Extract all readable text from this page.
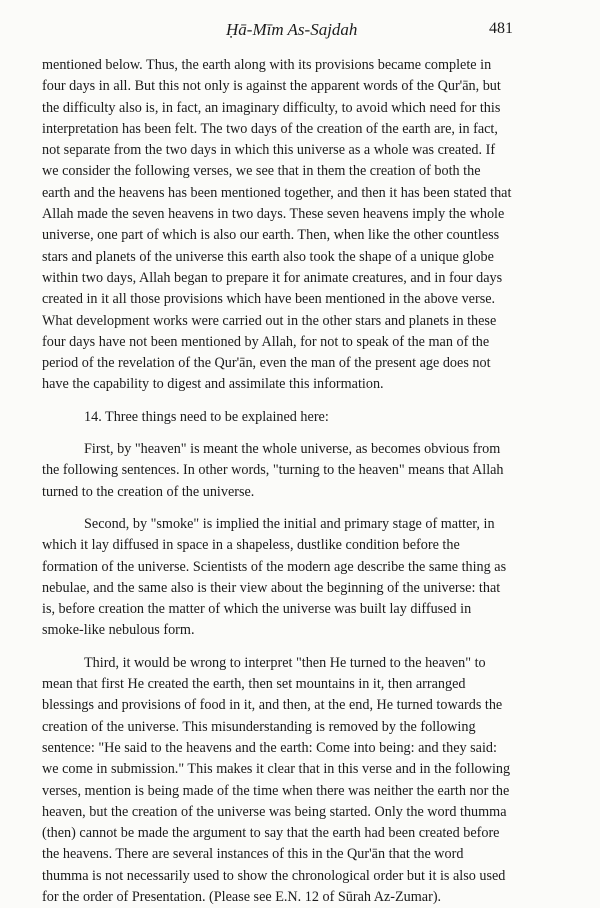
Ḥā-Mīm As-Sajdah	481
mentioned below. Thus, the earth along with its provisions became complete in
four days in all. But this not only is against the apparent words of the Qur'ān, but
the difficulty also is, in fact, an imaginary difficulty, to avoid which need for this
interpretation has been felt. The two days of the creation of the earth are, in fact,
not separate from the two days in which this universe as a whole was created. If
we consider the following verses, we see that in them the creation of both the
earth and the heavens has been mentioned together, and then it has been stated that
Allah made the seven heavens in two days. These seven heavens imply the whole
universe, one part of which is also our earth. Then, when like the other countless
stars and planets of the universe this earth also took the shape of a unique globe
within two days, Allah began to prepare it for animate creatures, and in four days
created in it all those provisions which have been mentioned in the above verse.
What development works were carried out in the other stars and planets in these
four days have not been mentioned by Allah, for not to speak of the man of the
period of the revelation of the Qur'ān, even the man of the present age does not
have the capability to digest and assimilate this information.
14. Three things need to be explained here:
First, by "heaven" is meant the whole universe, as becomes obvious from
the following sentences. In other words, "turning to the heaven" means that Allah
turned to the creation of the universe.
Second, by "smoke" is implied the initial and primary stage of matter, in
which it lay diffused in space in a shapeless, dustlike condition before the
formation of the universe. Scientists of the modern age describe the same thing as
nebulae, and the same also is their view about the beginning of the universe: that
is, before creation the matter of which the universe was built lay diffused in
smoke-like nebulous form.
Third, it would be wrong to interpret "then He turned to the heaven" to
mean that first He created the earth, then set mountains in it, then arranged
blessings and provisions of food in it, and then, at the end, He turned towards the
creation of the universe. This misunderstanding is removed by the following
sentence: "He said to the heavens and the earth: Come into being: and they said:
we come in submission." This makes it clear that in this verse and in the following
verses, mention is being made of the time when there was neither the earth nor the
heaven, but the creation of the universe was being started. Only the word thumma
(then) cannot be made the argument to say that the earth had been created before
the heavens. There are several instances of this in the Qur'ān that the word
thumma is not necessarily used to show the chronological order but it is also used
for the order of Presentation. (Please see E.N. 12 of Sūrah Az-Zumar).
